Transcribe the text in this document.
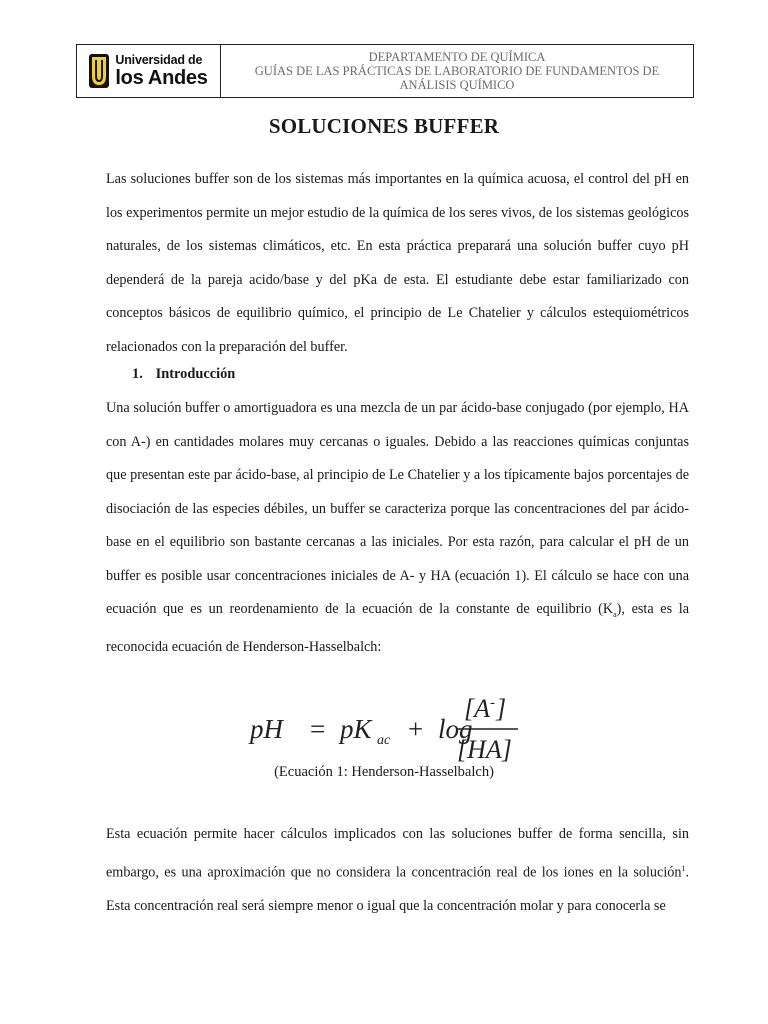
Universidad de
los Andes
DEPARTAMENTO DE QUÍMICA
GUÍAS DE LAS PRÁCTICAS DE LABORATORIO DE FUNDAMENTOS DE
ANÁLISIS QUÍMICO
SOLUCIONES BUFFER

Las soluciones buffer son de los sistemas más importantes en la química acuosa, el control del pH en los experimentos permite un mejor estudio de la química de los seres vivos, de los sistemas geológicos naturales, de los sistemas climáticos, etc. En esta práctica preparará una solución buffer cuyo pH dependerá de la pareja acido/base y del pKa de esta. El estudiante debe estar familiarizado con conceptos básicos de equilibrio químico, el principio de Le Chatelier y cálculos estequiométricos relacionados con la preparación del buffer.

1. Introducción

Una solución buffer o amortiguadora es una mezcla de un par ácido-base conjugado (por ejemplo, HA con A-) en cantidades molares muy cercanas o iguales. Debido a las reacciones químicas conjuntas que presentan este par ácido-base, al principio de Le Chatelier y a los típicamente bajos porcentajes de disociación de las especies débiles, un buffer se caracteriza porque las concentraciones del par ácido-base en el equilibrio son bastante cercanas a las iniciales. Por esta razón, para calcular el pH de un buffer es posible usar concentraciones iniciales de A- y HA (ecuación 1). El cálculo se hace con una ecuación que es un reordenamiento de la ecuación de la constante de equilibrio $(K_a)$, esta es la reconocida ecuación de Henderson-Hasselbalch:

pH = pK ac + log
[A - ]
[HA]
(Ecuación 1: Henderson-Hasselbalch)

Esta ecuación permite hacer cálculos implicados con las soluciones buffer de forma sencilla, sin embargo, es una aproximación que no considera la concentración real de los iones en la solución$^1$. Esta concentración real será siempre menor o igual que la concentración molar y para conocerla se
